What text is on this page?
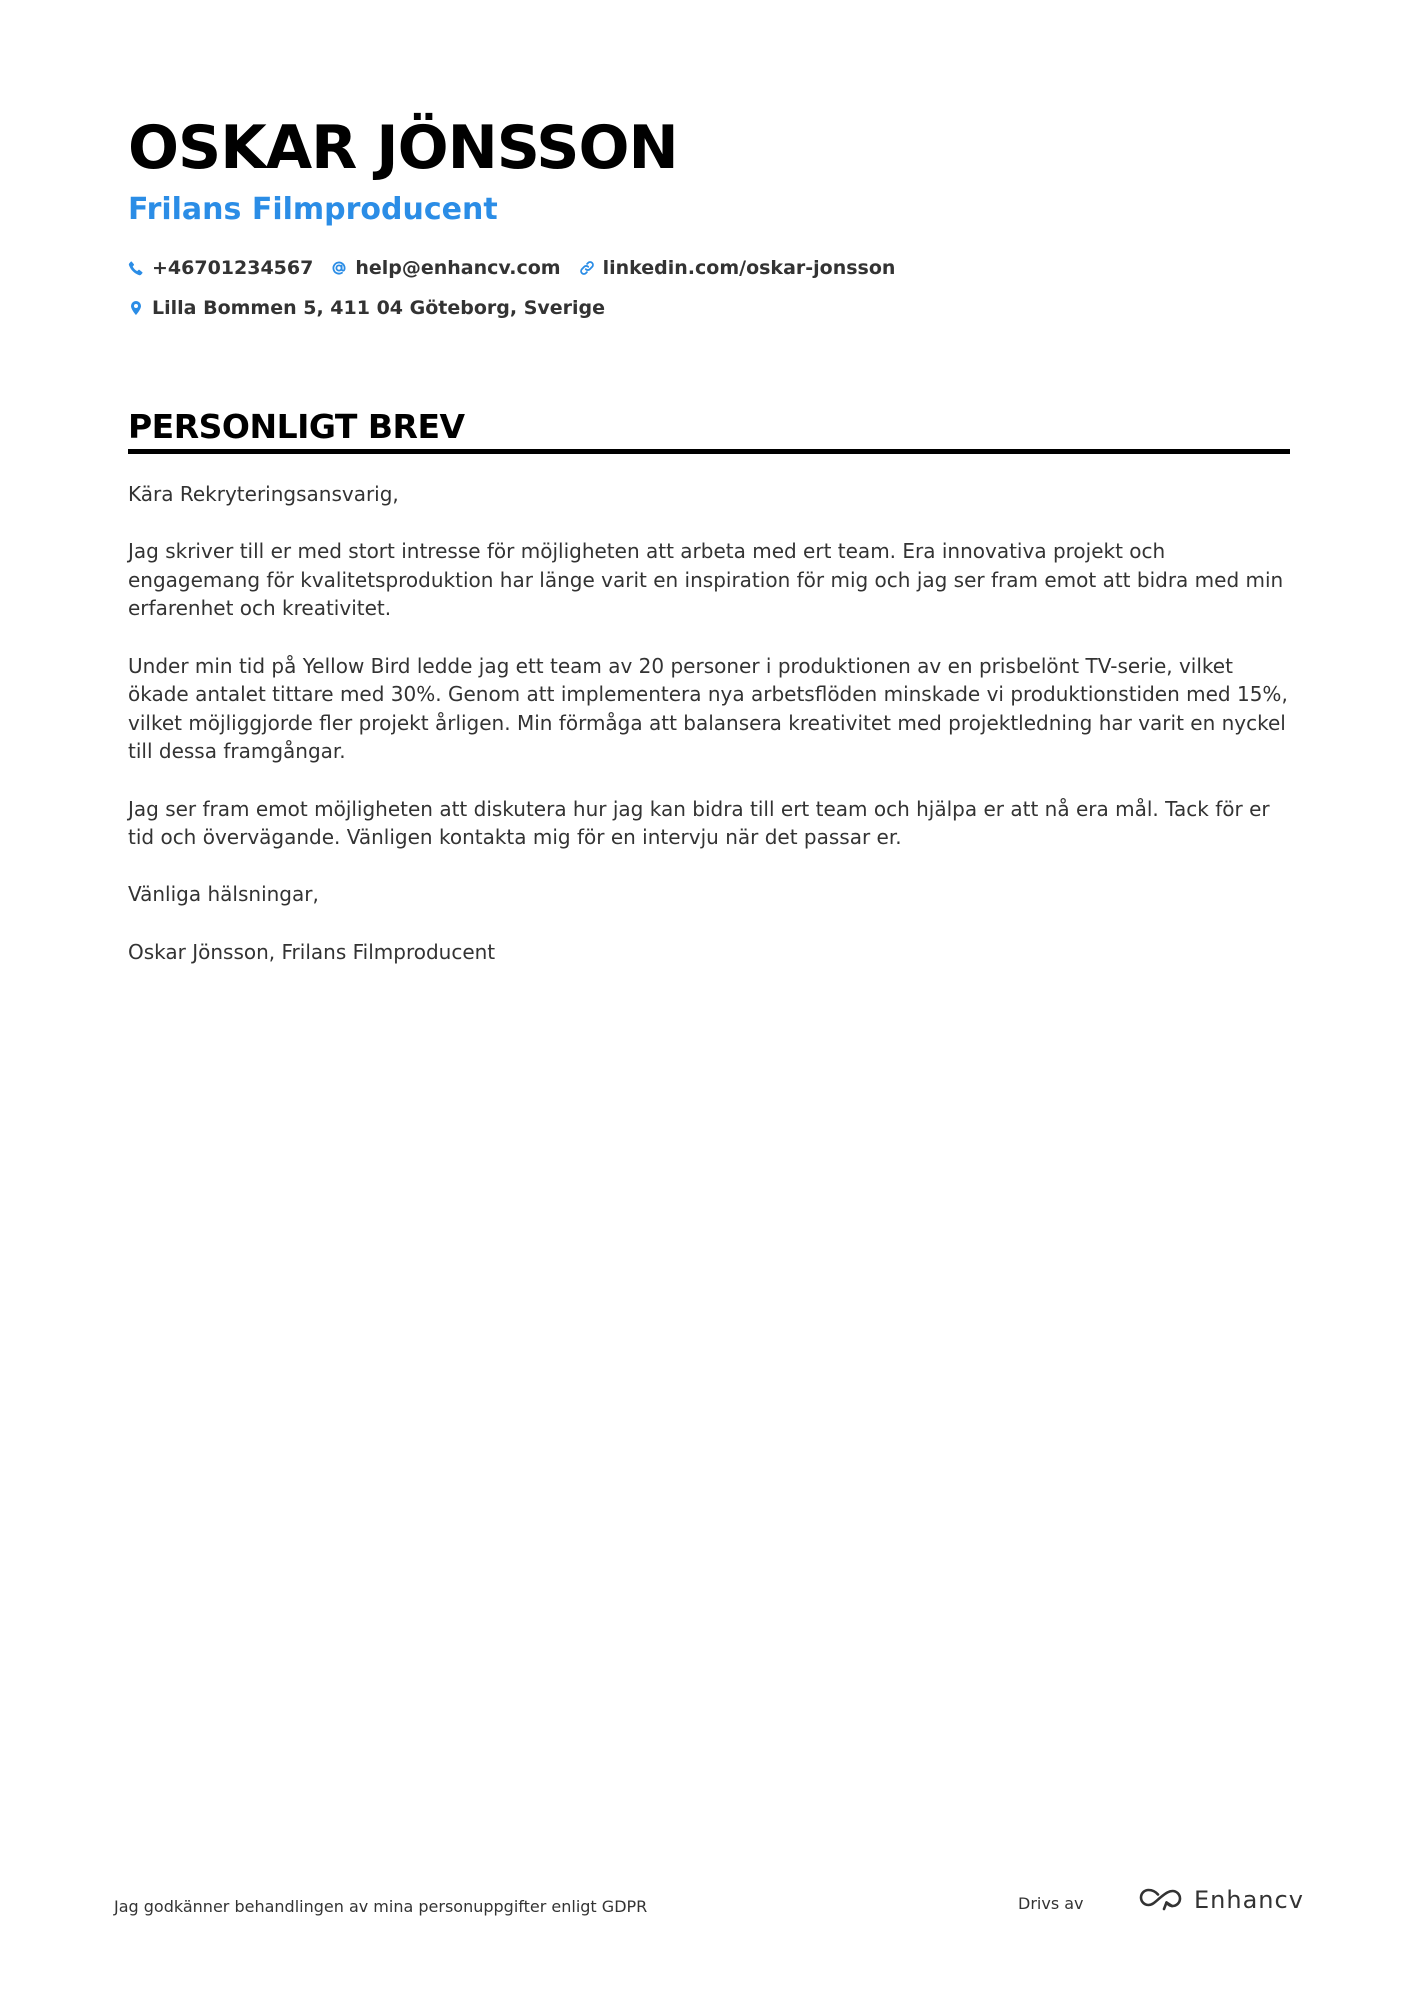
OSKAR JÖNSSON
Frilans Filmproducent
+46701234567 help@enhancv.com linkedin.com/oskar-jonsson
Lilla Bommen 5, 411 04 Göteborg, Sverige
PERSONLIGT BREV

Kära Rekryteringsansvarig,

Jag skriver till er med stort intresse för möjligheten att arbeta med ert team. Era innovativa projekt och engagemang för kvalitetsproduktion har länge varit en inspiration för mig och jag ser fram emot att bidra med min erfarenhet och kreativitet.

Under min tid på Yellow Bird ledde jag ett team av 20 personer i produktionen av en prisbelönt TV-serie, vilket ökade antalet tittare med 30%. Genom att implementera nya arbetsflöden minskade vi produktionstiden med 15%, vilket möjliggjorde fler projekt årligen. Min förmåga att balansera kreativitet med projektledning har varit en nyckel till dessa framgångar.

Jag ser fram emot möjligheten att diskutera hur jag kan bidra till ert team och hjälpa er att nå era mål. Tack för er tid och övervägande. Vänligen kontakta mig för en intervju när det passar er.

Vänliga hälsningar,

Oskar Jönsson, Frilans Filmproducent

Jag godkänner behandlingen av mina personuppgifter enligt GDPR	Drivs av	Enhancv
